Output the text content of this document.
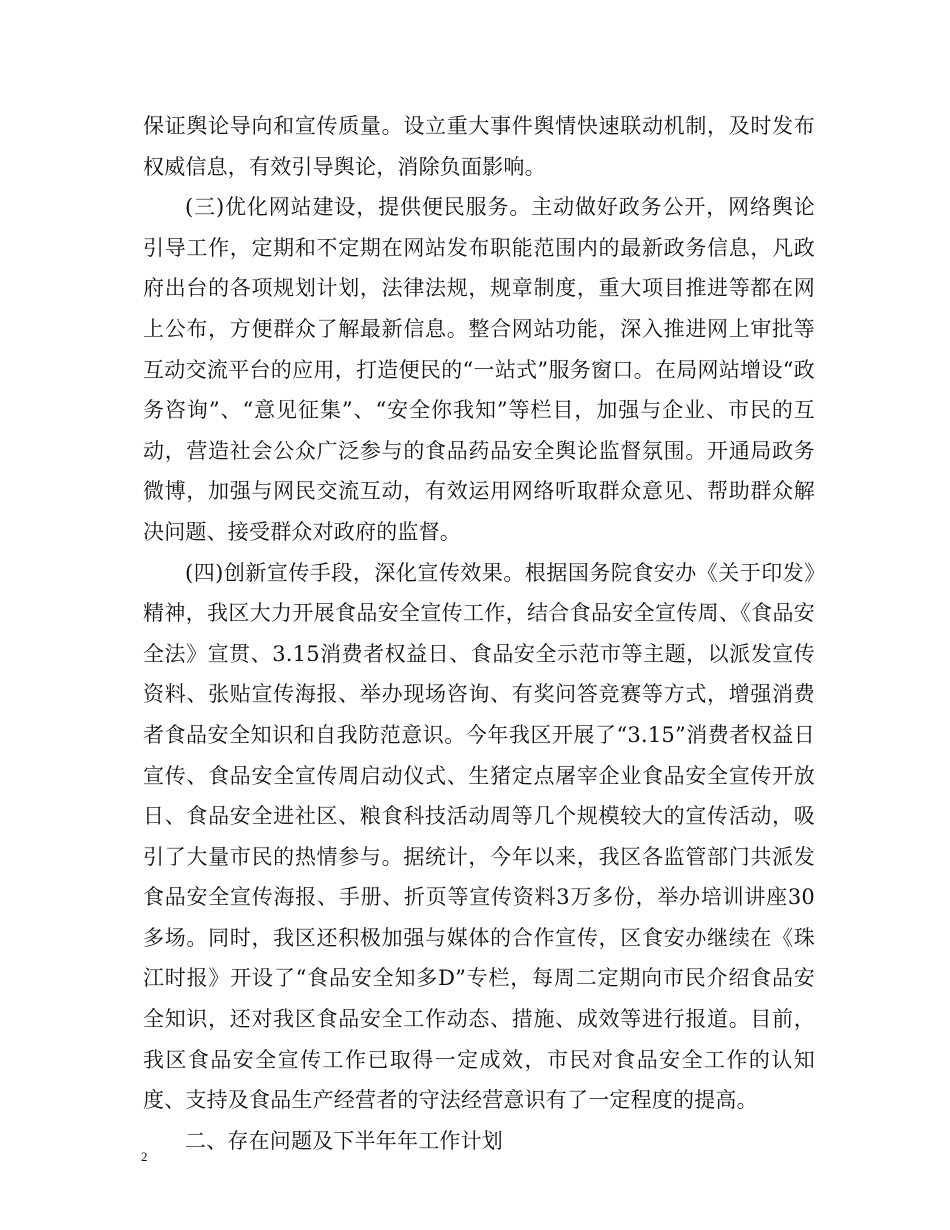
保证舆论导向和宣传质量。设立重大事件舆情快速联动机制，及时发布权威信息，有效引导舆论，消除负面影响。

(三)优化网站建设，提供便民服务。主动做好政务公开，网络舆论引导工作，定期和不定期在网站发布职能范围内的最新政务信息，凡政府出台的各项规划计划，法律法规，规章制度，重大项目推进等都在网上公布，方便群众了解最新信息。整合网站功能，深入推进网上审批等互动交流平台的应用，打造便民的“一站式”服务窗口。在局网站增设“政务咨询”、“意见征集”、“安全你我知”等栏目，加强与企业、市民的互动，营造社会公众广泛参与的食品药品安全舆论监督氛围。开通局政务微博，加强与网民交流互动，有效运用网络听取群众意见、帮助群众解决问题、接受群众对政府的监督。

(四)创新宣传手段，深化宣传效果。根据国务院食安办《关于印发》精神，我区大力开展食品安全宣传工作，结合食品安全宣传周、《食品安全法》宣贯、3.15消费者权益日、食品安全示范市等主题，以派发宣传资料、张贴宣传海报、举办现场咨询、有奖问答竞赛等方式，增强消费者食品安全知识和自我防范意识。今年我区开展了“3.15”消费者权益日宣传、食品安全宣传周启动仪式、生猪定点屠宰企业食品安全宣传开放日、食品安全进社区、粮食科技活动周等几个规模较大的宣传活动，吸引了大量市民的热情参与。据统计，今年以来，我区各监管部门共派发食品安全宣传海报、手册、折页等宣传资料3万多份，举办培训讲座30多场。同时，我区还积极加强与媒体的合作宣传，区食安办继续在《珠江时报》开设了“食品安全知多D”专栏，每周二定期向市民介绍食品安全知识，还对我区食品安全工作动态、措施、成效等进行报道。目前，我区食品安全宣传工作已取得一定成效，市民对食品安全工作的认知度、支持及食品生产经营者的守法经营意识有了一定程度的提高。

二、存在问题及下半年年工作计划

2
